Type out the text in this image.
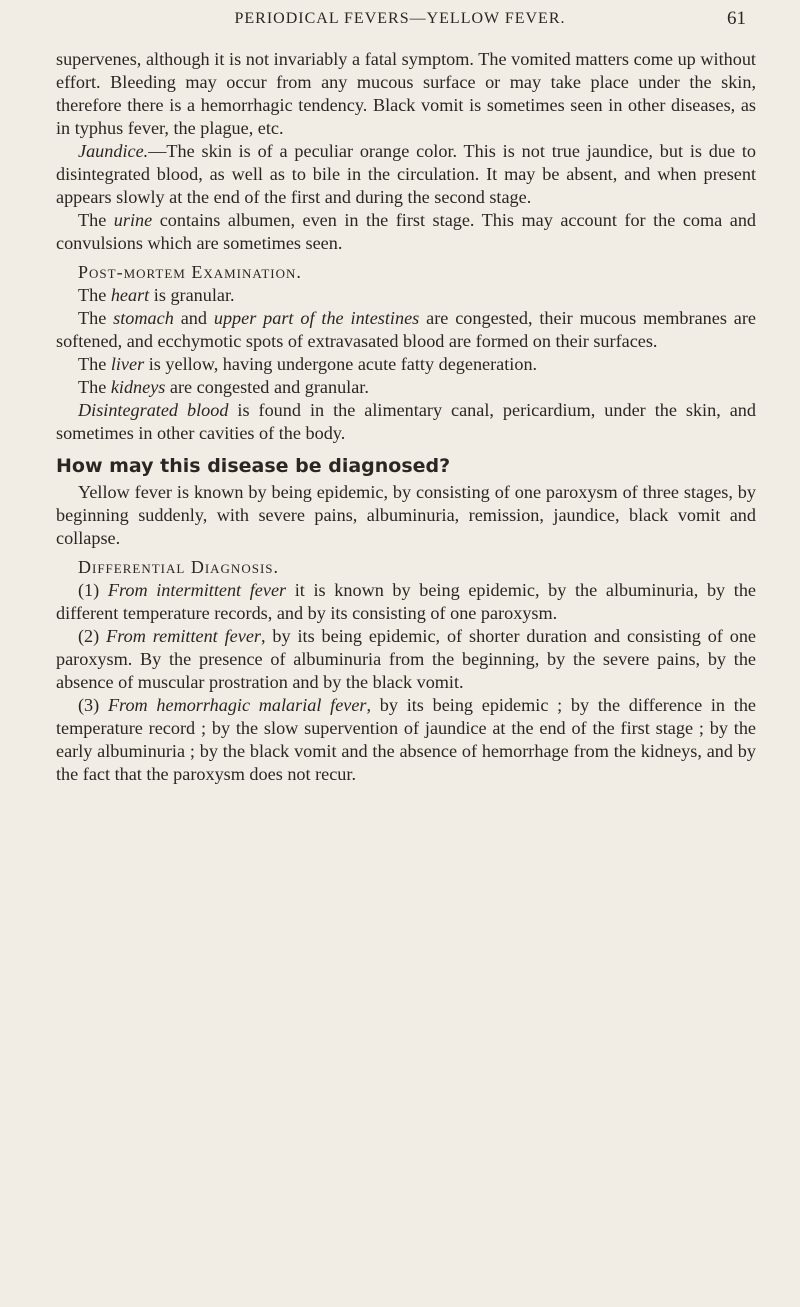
PERIODICAL FEVERS—YELLOW FEVER.	61

supervenes, although it is not invariably a fatal symptom. The vomited matters come up without effort. Bleeding may occur from any mucous surface or may take place under the skin, therefore there is a hemorrhagic tendency. Black vomit is sometimes seen in other diseases, as in typhus fever, the plague, etc.

Jaundice.—The skin is of a peculiar orange color. This is not true jaundice, but is due to disintegrated blood, as well as to bile in the circulation. It may be absent, and when present appears slowly at the end of the first and during the second stage.

The urine contains albumen, even in the first stage. This may account for the coma and convulsions which are sometimes seen.

Post-mortem Examination.

The heart is granular.

The stomach and upper part of the intestines are congested, their mucous membranes are softened, and ecchymotic spots of extravasated blood are formed on their surfaces.

The liver is yellow, having undergone acute fatty degeneration.

The kidneys are congested and granular.

Disintegrated blood is found in the alimentary canal, pericardium, under the skin, and sometimes in other cavities of the body.

How may this disease be diagnosed?

Yellow fever is known by being epidemic, by consisting of one paroxysm of three stages, by beginning suddenly, with severe pains, albuminuria, remission, jaundice, black vomit and collapse.

Differential Diagnosis.

(1) From intermittent fever it is known by being epidemic, by the albuminuria, by the different temperature records, and by its consisting of one paroxysm.

(2) From remittent fever, by its being epidemic, of shorter duration and consisting of one paroxysm. By the presence of albuminuria from the beginning, by the severe pains, by the absence of muscular prostration and by the black vomit.

(3) From hemorrhagic malarial fever, by its being epidemic ; by the difference in the temperature record ; by the slow supervention of jaundice at the end of the first stage ; by the early albuminuria ; by the black vomit and the absence of hemorrhage from the kidneys, and by the fact that the paroxysm does not recur.
